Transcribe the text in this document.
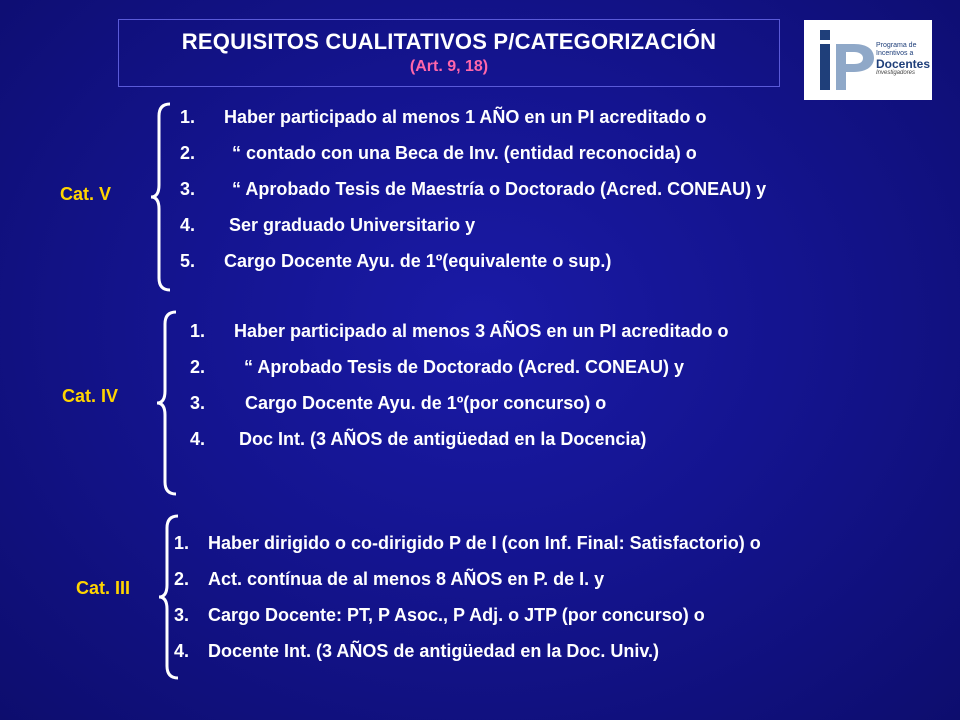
REQUISITOS CUALITATIVOS P/CATEGORIZACIÓN
(Art. 9, 18)
Programa de
Incentivos a
Docentes
Investigadores
Cat. V
1. Haber participado al menos 1 AÑO en un PI acreditado o
2. “ contado con una Beca de Inv. (entidad reconocida) o
3. “ Aprobado Tesis de Maestría o Doctorado (Acred. CONEAU) y
4. Ser graduado Universitario y
5. Cargo Docente Ayu. de 1º(equivalente o sup.)
Cat. IV
1. Haber participado al menos 3 AÑOS en un PI acreditado o
2. “ Aprobado Tesis de Doctorado (Acred. CONEAU) y
3. Cargo Docente Ayu. de 1º(por concurso) o
4. Doc Int. (3 AÑOS de antigüedad en la Docencia)
Cat. III
1. Haber dirigido o co-dirigido P de I (con Inf. Final: Satisfactorio) o
2. Act. contínua de al menos 8 AÑOS en P. de I. y
3. Cargo Docente: PT, P Asoc., P Adj. o JTP (por concurso) o
4. Docente Int. (3 AÑOS de antigüedad en la Doc. Univ.)
